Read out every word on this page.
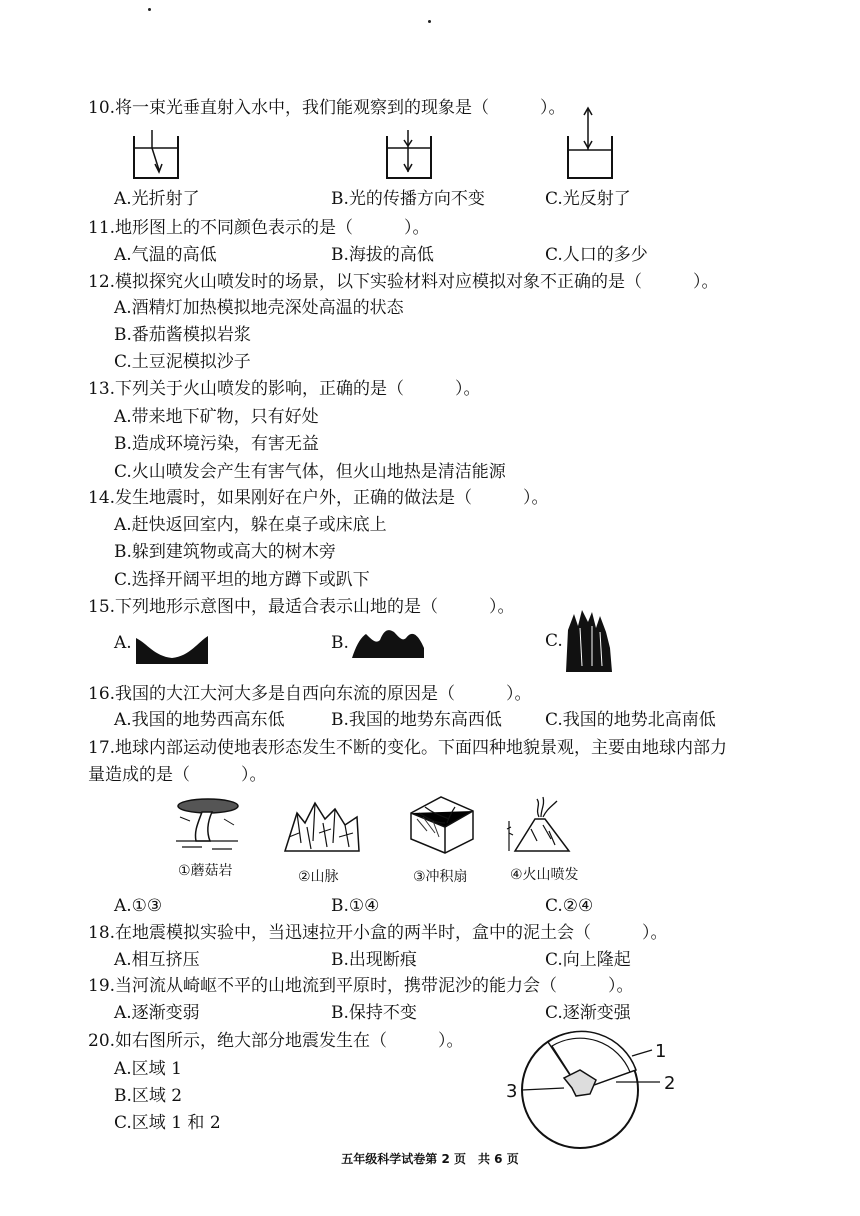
10.将一束光垂直射入水中，我们能观察到的现象是（　　　）。
A.光折射了	B.光的传播方向不变	C.光反射了
11.地形图上的不同颜色表示的是（　　　）。
A.气温的高低	B.海拔的高低	C.人口的多少
12.模拟探究火山喷发时的场景，以下实验材料对应模拟对象不正确的是（　　　）。
A.酒精灯加热模拟地壳深处高温的状态
B.番茄酱模拟岩浆
C.土豆泥模拟沙子
13.下列关于火山喷发的影响，正确的是（　　　）。
A.带来地下矿物，只有好处
B.造成环境污染，有害无益
C.火山喷发会产生有害气体，但火山地热是清洁能源
14.发生地震时，如果刚好在户外，正确的做法是（　　　）。
A.赶快返回室内，躲在桌子或床底上
B.躲到建筑物或高大的树木旁
C.选择开阔平坦的地方蹲下或趴下
15.下列地形示意图中，最适合表示山地的是（　　　）。
A.	B.	C.
16.我国的大江大河大多是自西向东流的原因是（　　　）。
A.我国的地势西高东低	B.我国的地势东高西低	C.我国的地势北高南低
17.地球内部运动使地表形态发生不断的变化。下面四种地貌景观，主要由地球内部力
量造成的是（　　　）。
①蘑菇岩	②山脉	③冲积扇	④火山喷发
A.①③	B.①④	C.②④
18.在地震模拟实验中，当迅速拉开小盒的两半时，盒中的泥土会（　　　）。
A.相互挤压	B.出现断痕	C.向上隆起
19.当河流从崎岖不平的山地流到平原时，携带泥沙的能力会（　　　）。
A.逐渐变弱	B.保持不变	C.逐渐变强
20.如右图所示，绝大部分地震发生在（　　　）。
A.区域 1
B.区域 2
C.区域 1 和 2
1
2
3
五年级科学试卷第 2 页　共 6 页
